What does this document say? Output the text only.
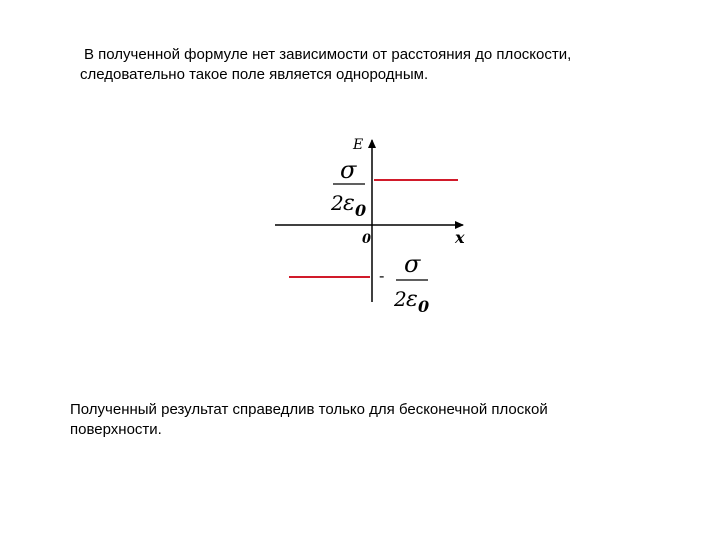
В полученной формуле нет зависимости от расстояния до плоскости,
следовательно такое поле является однородным.
E
x
0
σ
2 ε 0
- σ
2 ε 0
Полученный результат справедлив только для бесконечной плоской
поверхности.
